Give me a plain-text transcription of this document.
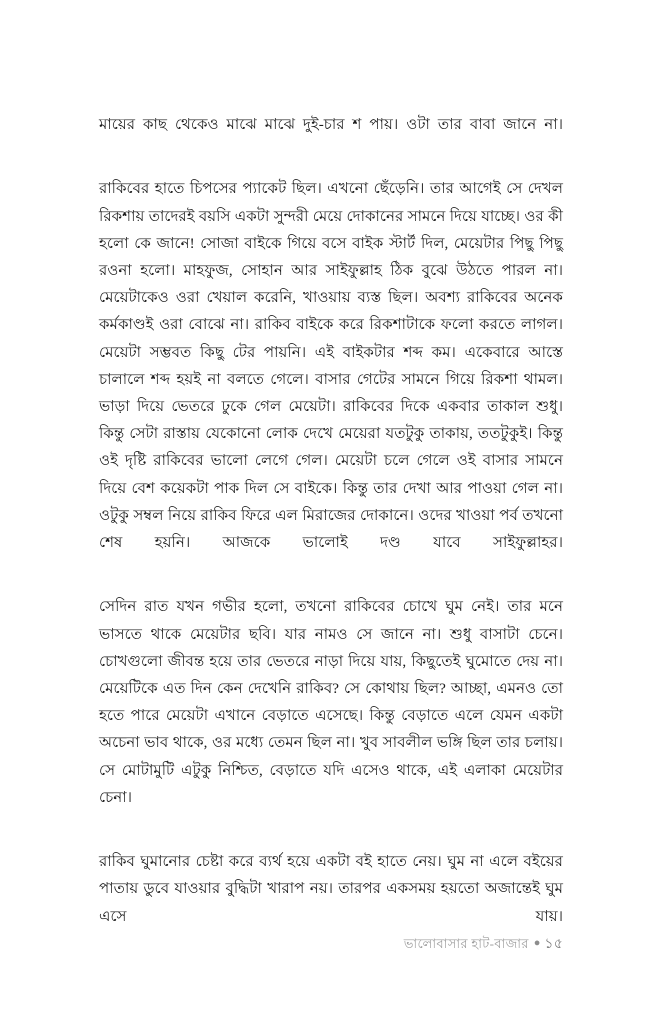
মায়ের কাছ থেকেও মাঝে মাঝে দুই-চার শ পায়। ওটা তার বাবা জানে না।

রাকিবের হাতে চিপসের প্যাকেট ছিল। এখনো ছেঁড়েনি। তার আগেই সে দেখল রিকশায় তাদেরই বয়সি একটা সুন্দরী মেয়ে দোকানের সামনে দিয়ে যাচ্ছে। ওর কী হলো কে জানে! সোজা বাইকে গিয়ে বসে বাইক স্টার্ট দিল, মেয়েটার পিছু পিছু রওনা হলো। মাহফুজ, সোহান আর সাইফুল্লাহ ঠিক বুঝে উঠতে পারল না। মেয়েটাকেও ওরা খেয়াল করেনি, খাওয়ায় ব্যস্ত ছিল। অবশ্য রাকিবের অনেক কর্মকাণ্ডই ওরা বোঝে না। রাকিব বাইকে করে রিকশাটাকে ফলো করতে লাগল। মেয়েটা সম্ভবত কিছু টের পায়নি। এই বাইকটার শব্দ কম। একেবারে আস্তে চালালে শব্দ হয়ই না বলতে গেলে। বাসার গেটের সামনে গিয়ে রিকশা থামল। ভাড়া দিয়ে ভেতরে ঢুকে গেল মেয়েটা। রাকিবের দিকে একবার তাকাল শুধু। কিন্তু সেটা রাস্তায় যেকোনো লোক দেখে মেয়েরা যতটুকু তাকায়, ততটুকুই। কিন্তু ওই দৃষ্টি রাকিবের ভালো লেগে গেল। মেয়েটা চলে গেলে ওই বাসার সামনে দিয়ে বেশ কয়েকটা পাক দিল সে বাইকে। কিন্তু তার দেখা আর পাওয়া গেল না। ওটুকু সম্বল নিয়ে রাকিব ফিরে এল মিরাজের দোকানে। ওদের খাওয়া পর্ব তখনো শেষ হয়নি। আজকে ভালোই দণ্ড যাবে সাইফুল্লাহর।

সেদিন রাত যখন গভীর হলো, তখনো রাকিবের চোখে ঘুম নেই। তার মনে ভাসতে থাকে মেয়েটার ছবি। যার নামও সে জানে না। শুধু বাসাটা চেনে। চোখগুলো জীবন্ত হয়ে তার ভেতরে নাড়া দিয়ে যায়, কিছুতেই ঘুমোতে দেয় না। মেয়েটিকে এত দিন কেন দেখেনি রাকিব? সে কোথায় ছিল? আচ্ছা, এমনও তো হতে পারে মেয়েটা এখানে বেড়াতে এসেছে। কিন্তু বেড়াতে এলে যেমন একটা অচেনা ভাব থাকে, ওর মধ্যে তেমন ছিল না। খুব সাবলীল ভঙ্গি ছিল তার চলায়। সে মোটামুটি এটুকু নিশ্চিত, বেড়াতে যদি এসেও থাকে, এই এলাকা মেয়েটার চেনা।

রাকিব ঘুমানোর চেষ্টা করে ব্যর্থ হয়ে একটা বই হাতে নেয়। ঘুম না এলে বইয়ের পাতায় ডুবে যাওয়ার বুদ্ধিটা খারাপ নয়। তারপর একসময় হয়তো অজান্তেই ঘুম এসে যায়।

ভালোবাসার হাট-বাজার ● ১৫
